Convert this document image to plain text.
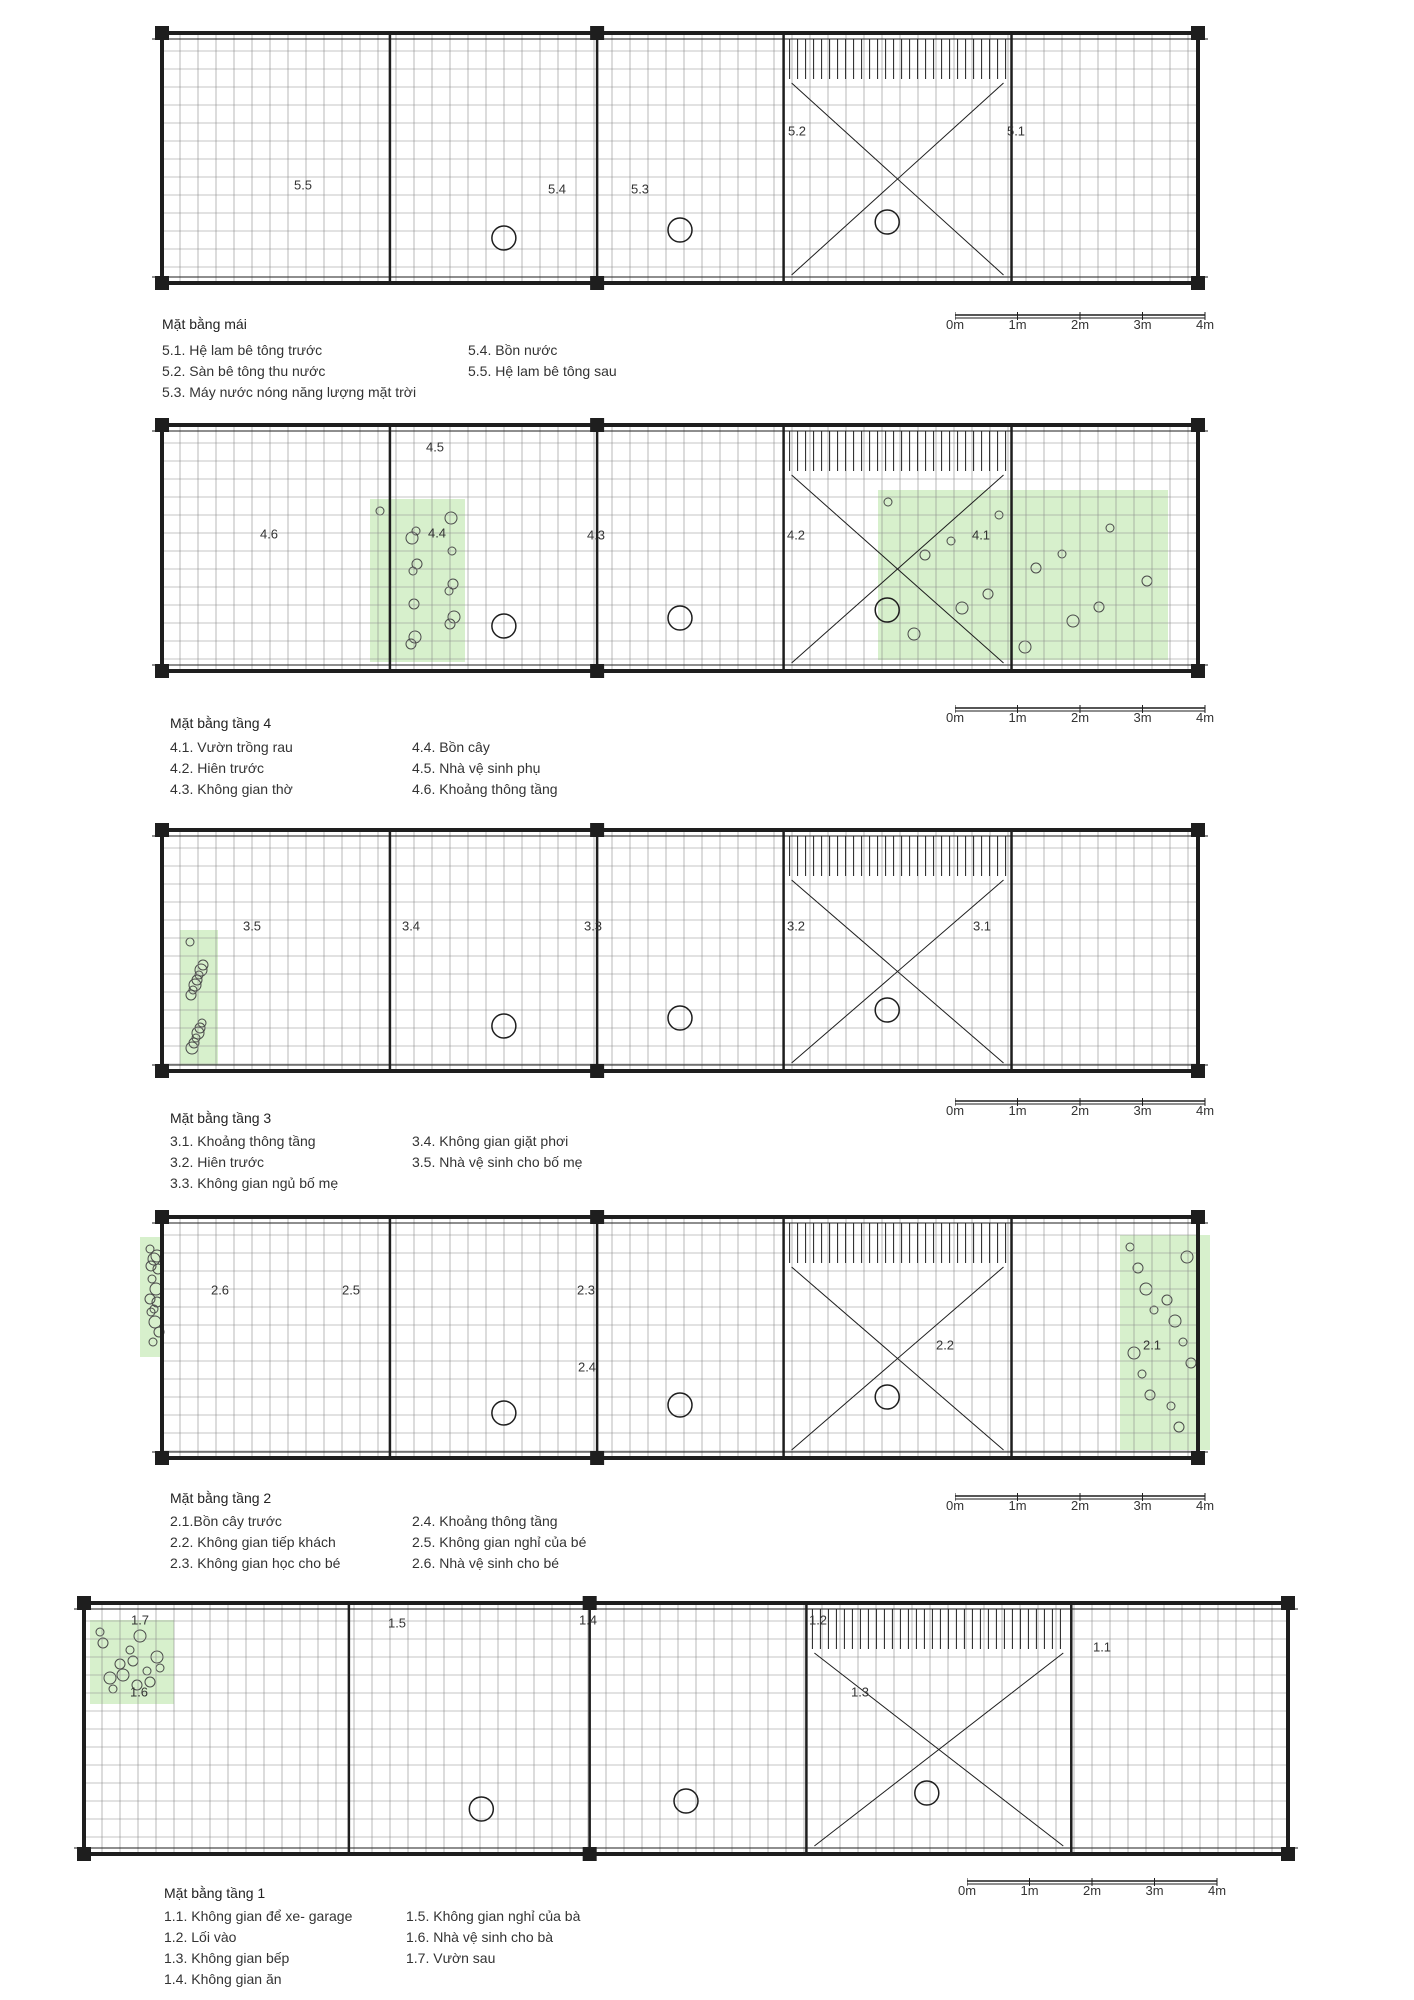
5.5	5.4	5.3
5.2	5.1
Mặt bằng mái
5.1. Hệ lam bê tông trước
5.2. Sàn bê tông thu nước
5.3. Máy nước nóng năng lượng mặt trời
5.4. Bồn nước
5.5. Hệ lam bê tông sau
0m	1m	2m	3m	4m
4.6	4.4	4.3	4.2	4.1
4.5
Mặt bằng tầng 4
4.1. Vườn trồng rau
4.2. Hiên trước
4.3. Không gian thờ
4.4. Bồn cây
4.5. Nhà vệ sinh phụ
4.6. Khoảng thông tầng
0m	1m	2m	3m	4m
3.5	3.4	3.3	3.2	3.1
Mặt bằng tầng 3
3.1. Khoảng thông tầng
3.2. Hiên trước
3.3. Không gian ngủ bố mẹ
3.4. Không gian giặt phơi
3.5. Nhà vệ sinh cho bố mẹ
0m	1m	2m	3m	4m
2.6	2.5	2.3
2.4
2.2	2.1
Mặt bằng tầng 2
2.1.Bồn cây trước
2.2. Không gian tiếp khách
2.3. Không gian học cho bé
2.4. Khoảng thông tầng
2.5. Không gian nghỉ của bé
2.6. Nhà vệ sinh cho bé
0m	1m	2m	3m	4m
1.7
1.6
1.5	1.4	1.2
1.3
1.1
Mặt bằng tầng 1
1.1. Không gian để xe- garage
1.2. Lối vào
1.3. Không gian bếp
1.4. Không gian ăn
1.5. Không gian nghỉ của bà
1.6. Nhà vệ sinh cho bà
1.7. Vườn sau
0m	1m	2m	3m	4m
